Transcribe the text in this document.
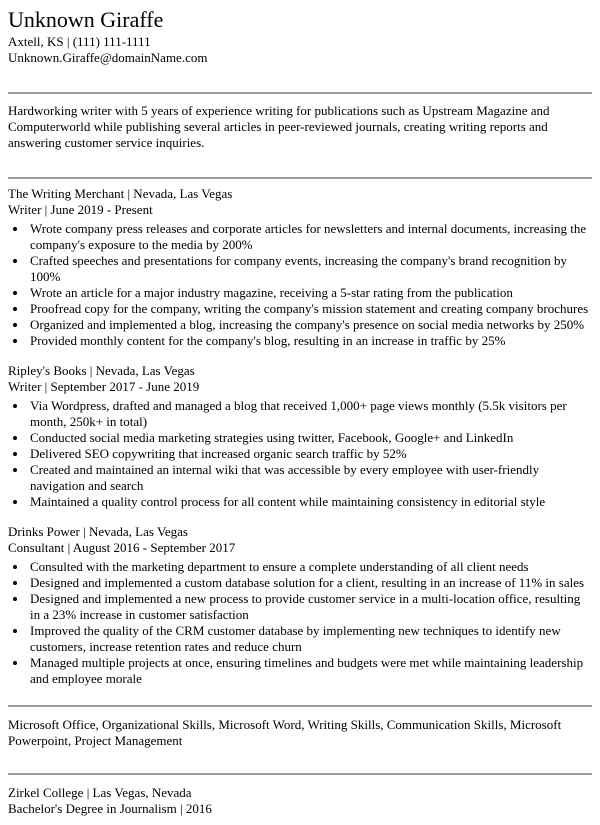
Unknown Giraffe
Axtell, KS | (111) 111-1111
Unknown.Giraffe@domainName.com

Hardworking writer with 5 years of experience writing for publications such as Upstream Magazine and Computerworld while publishing several articles in peer-reviewed journals, creating writing reports and answering customer service inquiries.

The Writing Merchant | Nevada, Las Vegas
Writer | June 2019 - Present
• Wrote company press releases and corporate articles for newsletters and internal documents, increasing the company's exposure to the media by 200%
• Crafted speeches and presentations for company events, increasing the company's brand recognition by 100%
• Wrote an article for a major industry magazine, receiving a 5-star rating from the publication
• Proofread copy for the company, writing the company's mission statement and creating company brochures
• Organized and implemented a blog, increasing the company's presence on social media networks by 250%
• Provided monthly content for the company's blog, resulting in an increase in traffic by 25%
Ripley's Books | Nevada, Las Vegas
Writer | September 2017 - June 2019
• Via Wordpress, drafted and managed a blog that received 1,000+ page views monthly (5.5k visitors per month, 250k+ in total)
• Conducted social media marketing strategies using twitter, Facebook, Google+ and LinkedIn
• Delivered SEO copywriting that increased organic search traffic by 52%
• Created and maintained an internal wiki that was accessible by every employee with user-friendly navigation and search
• Maintained a quality control process for all content while maintaining consistency in editorial style
Drinks Power | Nevada, Las Vegas
Consultant | August 2016 - September 2017
• Consulted with the marketing department to ensure a complete understanding of all client needs
• Designed and implemented a custom database solution for a client, resulting in an increase of 11% in sales
• Designed and implemented a new process to provide customer service in a multi-location office, resulting in a 23% increase in customer satisfaction
• Improved the quality of the CRM customer database by implementing new techniques to identify new customers, increase retention rates and reduce churn
• Managed multiple projects at once, ensuring timelines and budgets were met while maintaining leadership and employee morale

Microsoft Office, Organizational Skills, Microsoft Word, Writing Skills, Communication Skills, Microsoft Powerpoint, Project Management

Zirkel College | Las Vegas, Nevada
Bachelor's Degree in Journalism | 2016
